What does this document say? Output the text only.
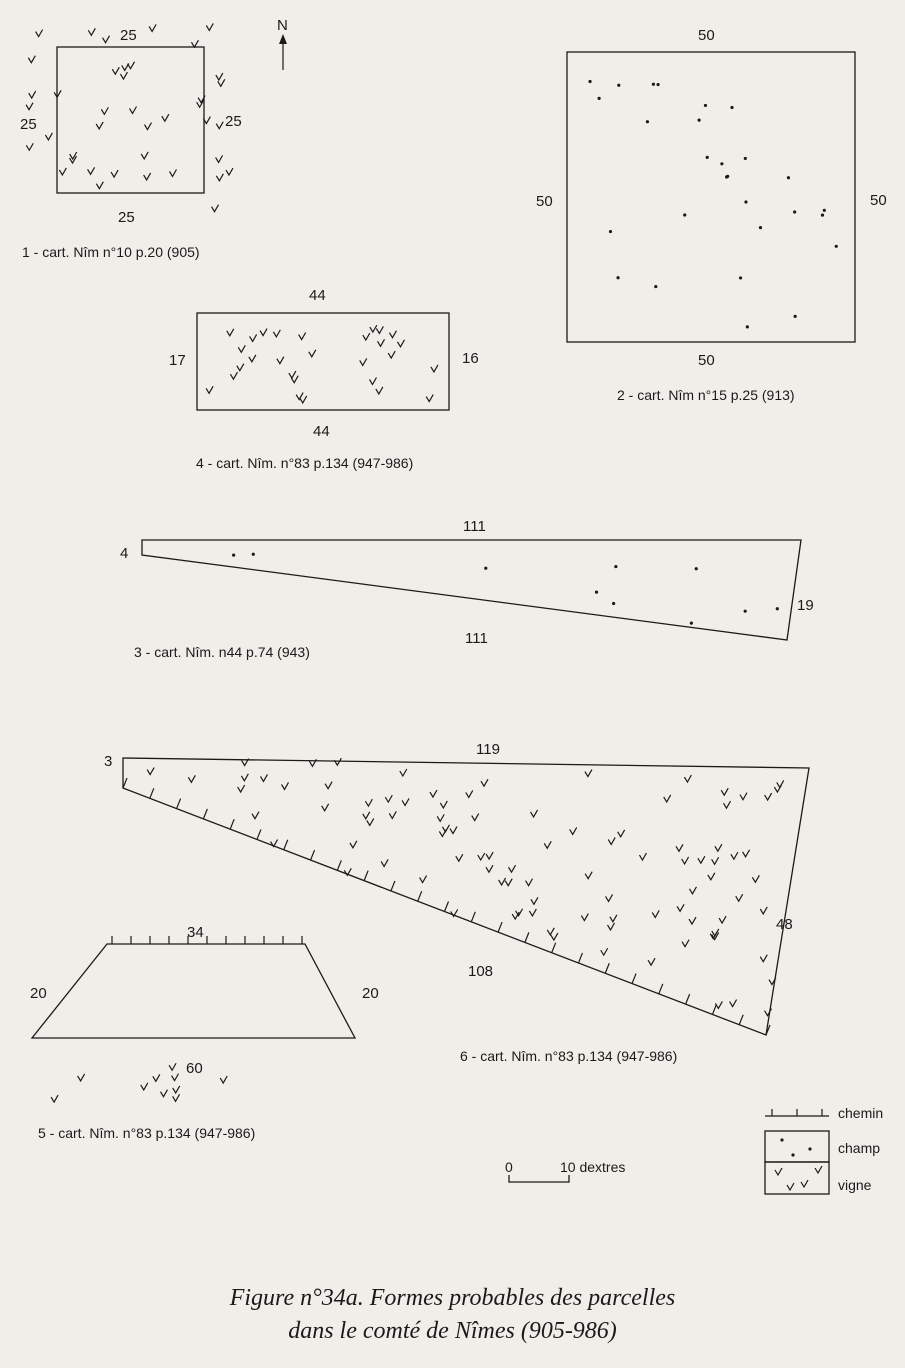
N
25
25
25	25
1 - cart. Nîm n°10 p.20 (905)
50
50
50	50
2 - cart. Nîm n°15 p.25 (913)
44
44
17	16
4 - cart. Nîm. n°83 p.134 (947-986)
111
111
4
19
3 - cart. Nîm. n44 p.74 (943)
119
108
3
48
6 - cart. Nîm. n°83 p.134 (947-986)
34
60
20	20
5 - cart. Nîm. n°83 p.134 (947-986)
0	10 dextres
chemin
champ
vigne
Figure n°34a. Formes probables des parcelles
dans le comté de Nîmes (905-986)
